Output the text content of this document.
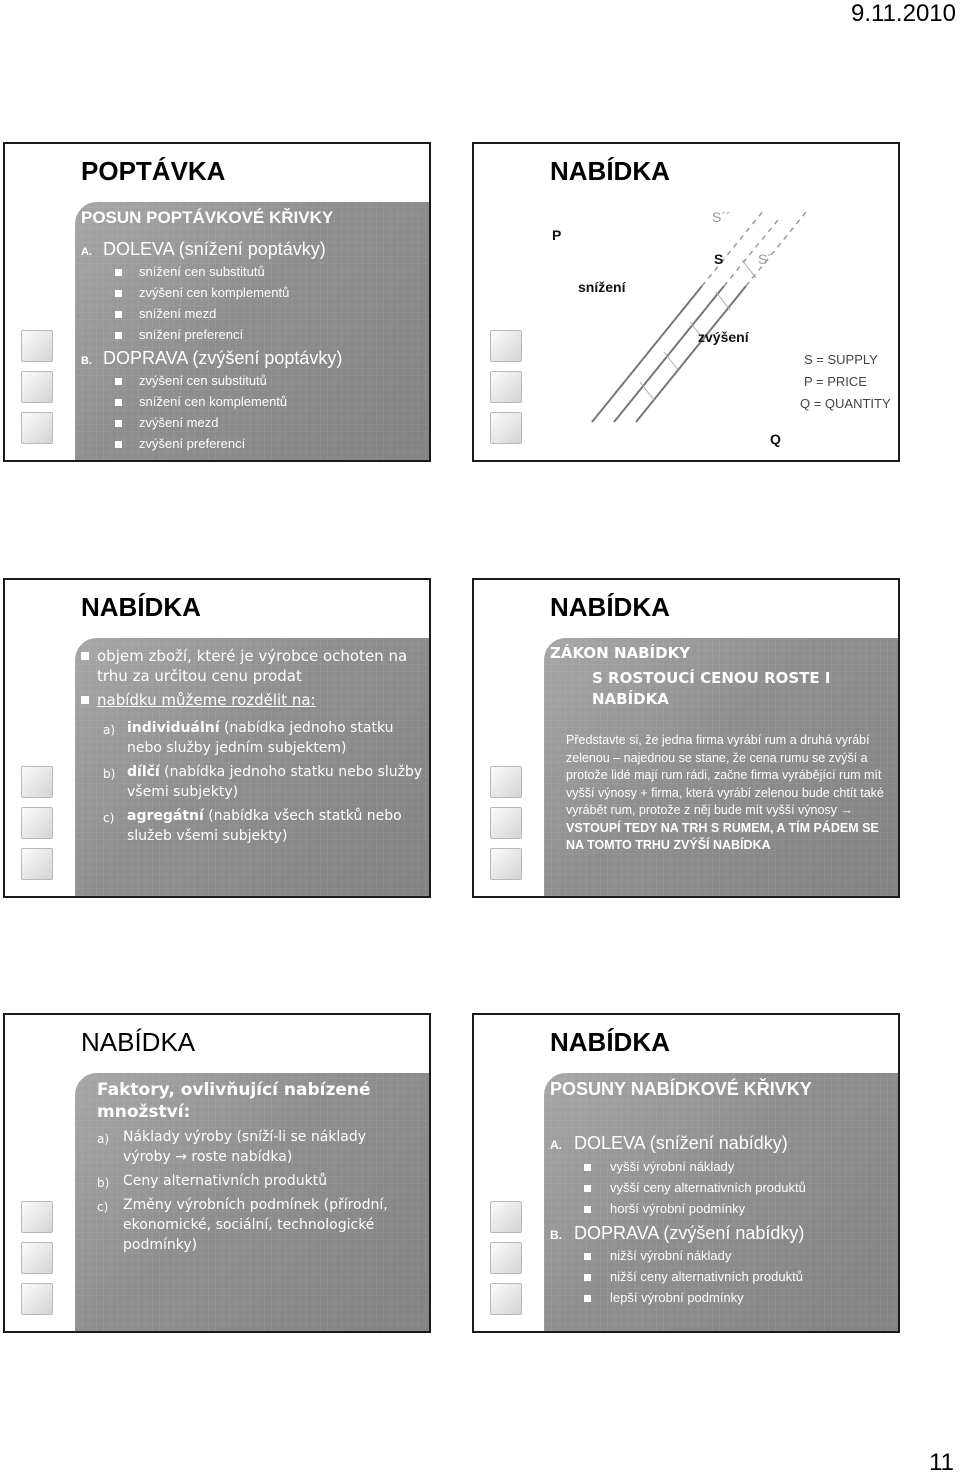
9.11.2010
POPTÁVKA
POSUN POPTÁVKOVÉ KŘIVKY
A. DOLEVA (snížení poptávky)
snížení cen substitutů
zvýšení cen komplementů
snížení mezd
snížení preferencí
B. DOPRAVA (zvýšení poptávky)
zvýšení cen substitutů
snížení cen komplementů
zvýšení mezd
zvýšení preferencí
NABÍDKA
P
Q
S´´
S S´
snížení
zvýšení
S = SUPPLY
P = PRICE
Q = QUANTITY
NABÍDKA
objem zboží, které je výrobce ochoten na trhu za určitou cenu prodat
nabídku můžeme rozdělit na:
a) individuální (nabídka jednoho statku nebo služby jedním subjektem)
b) dílčí (nabídka jednoho statku nebo služby všemi subjekty)
c) agregátní (nabídka všech statků nebo služeb všemi subjekty)
NABÍDKA
ZÁKON NABÍDKY
S ROSTOUCÍ CENOU ROSTE I NABÍDKA
Představte si, že jedna firma vyrábí rum a druhá vyrábí zelenou – najednou se stane, že cena rumu se zvýší a protože lidé mají rum rádi, začne firma vyrábějící rum mít vyšší výnosy + firma, která vyrábí zelenou bude chtít také vyrábět rum, protože z něj bude mít vyšší výnosy → VSTOUPÍ TEDY NA TRH S RUMEM, A TÍM PÁDEM SE NA TOMTO TRHU ZVÝŠÍ NABÍDKA
NABÍDKA
Faktory, ovlivňující nabízené množství:
a) Náklady výroby (sníží-li se náklady výroby → roste nabídka)
b) Ceny alternativních produktů
c) Změny výrobních podmínek (přírodní, ekonomické, sociální, technologické podmínky)
NABÍDKA
POSUNY NABÍDKOVÉ KŘIVKY
A. DOLEVA (snížení nabídky)
vyšší výrobní náklady
vyšší ceny alternativních produktů
horší výrobní podmínky
B. DOPRAVA (zvýšení nabídky)
nižší výrobní náklady
nižší ceny alternativních produktů
lepší výrobní podmínky
11
